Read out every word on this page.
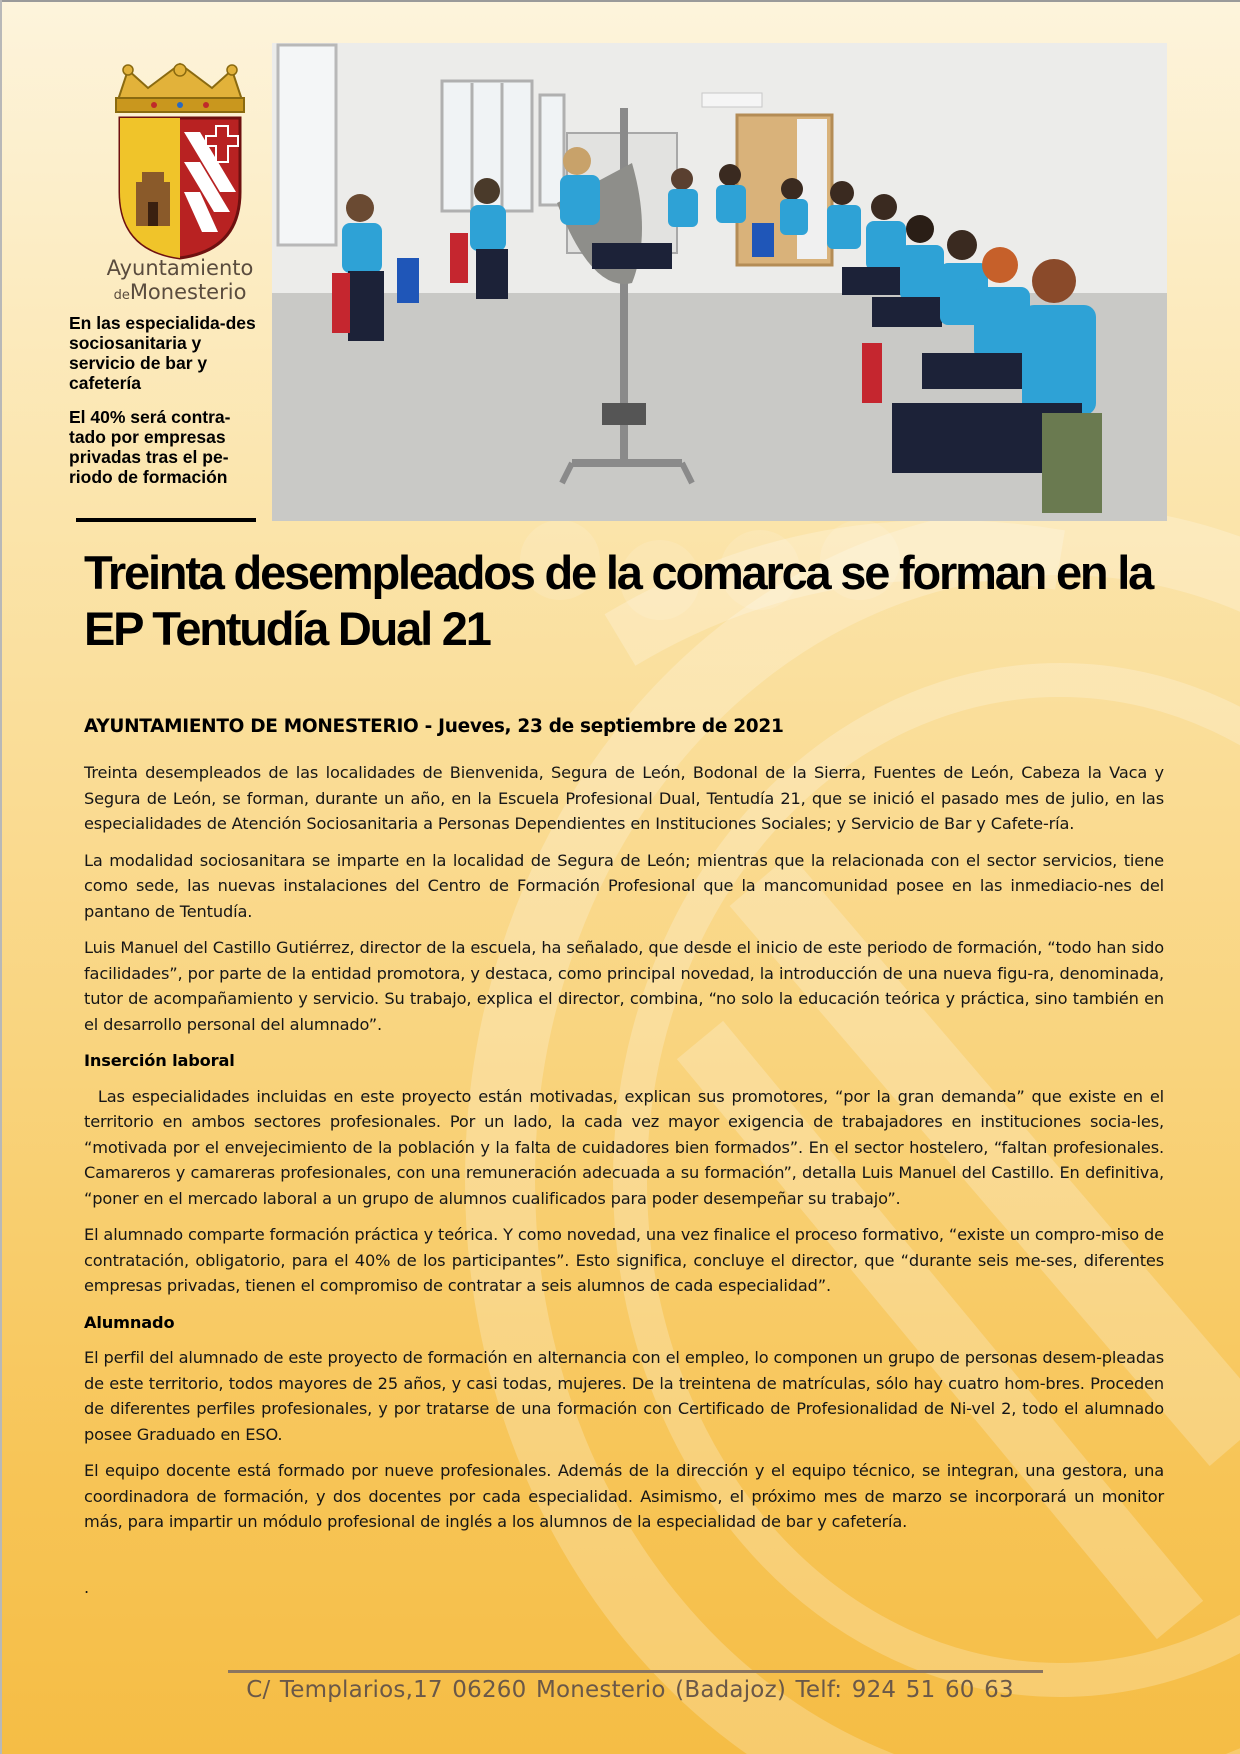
Ayuntamiento
deMonesterio

En las especialida-des sociosanitaria y servicio de bar y cafetería

El 40% será contra-tado por empresas privadas tras el pe-riodo de formación

Treinta desempleados de la comarca se forman en la EP Tentudía Dual 21

AYUNTAMIENTO DE MONESTERIO - Jueves, 23 de septiembre de 2021

Treinta desempleados de las localidades de Bienvenida, Segura de León, Bodonal de la Sierra, Fuentes de León, Cabeza la Vaca y Segura de León, se forman, durante un año, en la Escuela Profesional Dual, Tentudía 21, que se inició el pasado mes de julio, en las especialidades de Atención Sociosanitaria a Personas Dependientes en Instituciones Sociales; y Servicio de Bar y Cafete-ría.

La modalidad sociosanitara se imparte en la localidad de Segura de León; mientras que la relacionada con el sector servicios, tiene como sede, las nuevas instalaciones del Centro de Formación Profesional que la mancomunidad posee en las inmediacio-nes del pantano de Tentudía.

Luis Manuel del Castillo Gutiérrez, director de la escuela, ha señalado, que desde el inicio de este periodo de formación, “todo han sido facilidades”, por parte de la entidad promotora, y destaca, como principal novedad, la introducción de una nueva figu-ra, denominada, tutor de acompañamiento y servicio. Su trabajo, explica el director, combina, “no solo la educación teórica y práctica, sino también en el desarrollo personal del alumnado”.

Inserción laboral

Las especialidades incluidas en este proyecto están motivadas, explican sus promotores, “por la gran demanda” que existe en el territorio en ambos sectores profesionales. Por un lado, la cada vez mayor exigencia de trabajadores en instituciones socia-les, “motivada por el envejecimiento de la población y la falta de cuidadores bien formados”. En el sector hostelero, “faltan profesionales. Camareros y camareras profesionales, con una remuneración adecuada a su formación”, detalla Luis Manuel del Castillo. En definitiva, “poner en el mercado laboral a un grupo de alumnos cualificados para poder desempeñar su trabajo”.

El alumnado comparte formación práctica y teórica. Y como novedad, una vez finalice el proceso formativo, “existe un compro-miso de contratación, obligatorio, para el 40% de los participantes”. Esto significa, concluye el director, que “durante seis me-ses, diferentes empresas privadas, tienen el compromiso de contratar a seis alumnos de cada especialidad”.

Alumnado

El perfil del alumnado de este proyecto de formación en alternancia con el empleo, lo componen un grupo de personas desem-pleadas de este territorio, todos mayores de 25 años, y casi todas, mujeres. De la treintena de matrículas, sólo hay cuatro hom-bres. Proceden de diferentes perfiles profesionales, y por tratarse de una formación con Certificado de Profesionalidad de Ni-vel 2, todo el alumnado posee Graduado en ESO.

El equipo docente está formado por nueve profesionales. Además de la dirección y el equipo técnico, se integran, una gestora, una coordinadora de formación, y dos docentes por cada especialidad. Asimismo, el próximo mes de marzo se incorporará un monitor más, para impartir un módulo profesional de inglés a los alumnos de la especialidad de bar y cafetería.

.

C/ Templarios,17 06260 Monesterio (Badajoz) Telf: 924 51 60 63
